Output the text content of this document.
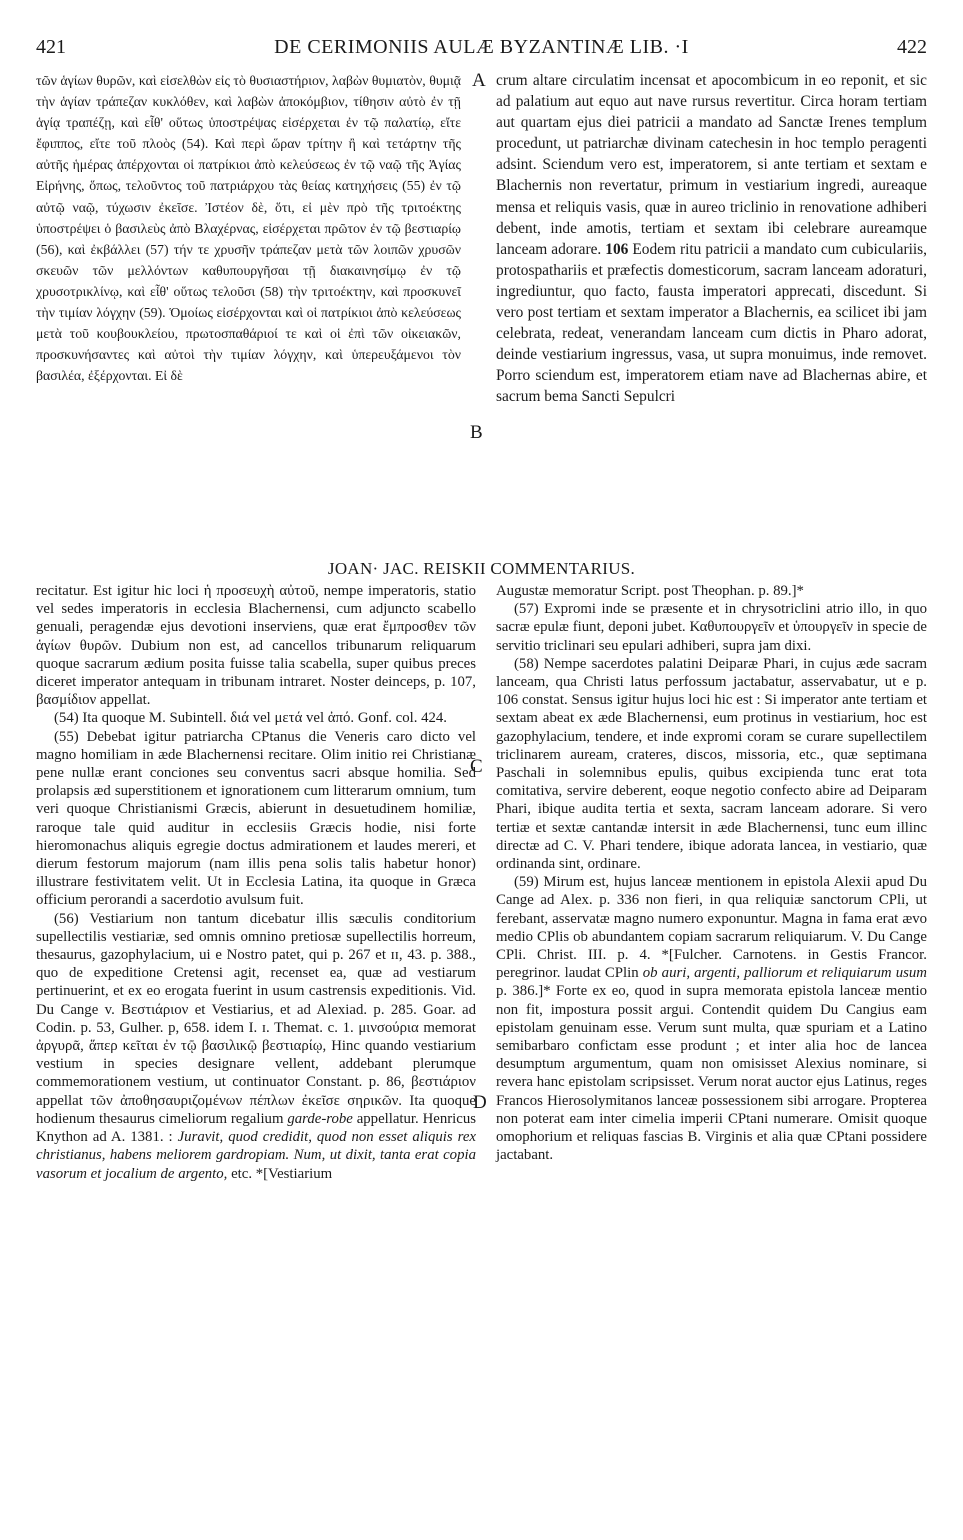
DE CERIMONIIS AULÆ BYZANTINÆ LIB. ·I
421	422

τῶν ἁγίων θυρῶν, καὶ εἰσελθὼν εἰς τὸ θυσιαστήριον, λαβὼν θυμιατὸν, θυμιᾷ τὴν ἁγίαν τράπεζαν κυκλόθεν, καὶ λαβὼν ἀποκόμβιον, τίθησιν αὐτὸ ἐν τῇ ἁγίᾳ τραπέζῃ, καὶ εἶθ' οὕτως ὑποστρέψας εἰσέρχεται ἐν τῷ παλατίῳ, εἴτε ἔφιππος, εἴτε τοῦ πλοὸς (54). Καὶ περὶ ὥραν τρίτην ἢ καὶ τετάρτην τῆς αὐτῆς ἡμέρας ἀπέρχονται οἱ πατρίκιοι ἀπὸ κελεύσεως ἐν τῷ ναῷ τῆς Ἁγίας Εἰρήνης, ὅπως, τελοῦντος τοῦ πατριάρχου τὰς θείας κατηχήσεις (55) ἐν τῷ αὐτῷ ναῷ, τύχωσιν ἐκεῖσε. Ἰστέον δὲ, ὅτι, εἰ μὲν πρὸ τῆς τριτοέκτης ὑποστρέψει ὁ βασιλεὺς ἀπὸ Βλαχέρνας, εἰσέρχεται πρῶτον ἐν τῷ βεστιαρίῳ (56), καὶ ἐκβάλλει (57) τήν τε χρυσῆν τράπεζαν μετὰ τῶν λοιπῶν χρυσῶν σκευῶν τῶν μελλόντων καθυπουργῆσαι τῇ διακαινησίμῳ ἐν τῷ χρυσοτρικλίνῳ, καὶ εἶθ' οὕτως τελοῦσι (58) τὴν τριτοέκτην, καὶ προσκυνεῖ τὴν τιμίαν λόγχην (59). Ὁμοίως εἰσέρχονται καὶ οἱ πατρίκιοι ἀπὸ κελεύσεως μετὰ τοῦ κουβουκλείου, πρωτοσπαθάριοί τε καὶ οἱ ἐπὶ τῶν οἰκειακῶν, προσκυνήσαντες καὶ αὐτοὶ τὴν τιμίαν λόγχην, καὶ ὑπερευξάμενοι τὸν βασιλέα, ἐξέρχονται. Εἰ δὲ

A
B
C
D

crum altare circulatim incensat et apocombicum in eo reponit, et sic ad palatium aut equo aut nave rursus revertitur. Circa horam tertiam aut quartam ejus diei patricii a mandato ad Sanctæ Irenes templum procedunt, ut patriarchæ divinam catechesin in hoc templo peragenti adsint. Sciendum vero est, imperatorem, si ante tertiam et sextam e Blachernis non revertatur, primum in vestiarium ingredi, aureaque mensa et reliquis vasis, quæ in aureo triclinio in renovatione adhiberi debent, inde amotis, tertiam et sextam ibi celebrare aureamque lanceam adorare. 106 Eodem ritu patricii a mandato cum cubiculariis, protospathariis et præfectis domesticorum, sacram lanceam adoraturi, ingrediuntur, quo facto, fausta imperatori apprecati, discedunt. Si vero post tertiam et sextam imperator a Blachernis, ea scilicet ibi jam celebrata, redeat, venerandam lanceam cum dictis in Pharo adorat, deinde vestiarium ingressus, vasa, ut supra monuimus, inde removet. Porro sciendum est, imperatorem etiam nave ad Blachernas abire, et sacrum bema Sancti Sepulcri

JOAN· JAC. REISKII COMMENTARIUS.

recitatur. Est igitur hic loci ἡ προσευχὴ αὐτοῦ, nempe imperatoris, statio vel sedes imperatoris in ecclesia Blachernensi, cum adjuncto scabello genuali, peragendæ ejus devotioni inserviens, quæ erat ἔμπροσθεν τῶν ἁγίων θυρῶν. Dubium non est, ad cancellos tribunarum reliquarum quoque sacrarum ædium posita fuisse talia scabella, super quibus preces diceret imperator antequam in tribunam intraret. Noster deinceps, p. 107, βασμίδιον appellat.

(54) Ita quoque M. Subintell. διά vel μετά vel ἀπό. Gonf. col. 424.

(55) Debebat igitur patriarcha CPtanus die Veneris caro dicto vel magno homiliam in æde Blachernensi recitare. Olim initio rei Christianæ pene nullæ erant conciones seu conventus sacri absque homilia. Sed prolapsis æd superstitionem et ignorationem cum litterarum omnium, tum veri quoque Christianismi Græcis, abierunt in desuetudinem homiliæ, raroque tale quid auditur in ecclesiis Græcis hodie, nisi forte hieromonachus aliquis egregie doctus admirationem et laudes mereri, et dierum festorum majorum (nam illis pena solis talis habetur honor) illustrare festivitatem velit. Ut in Ecclesia Latina, ita quoque in Græca officium perorandi a sacerdotio avulsum fuit.

(56) Vestiarium non tantum dicebatur illis sæculis conditorium supellectilis vestiariæ, sed omnis omnino pretiosæ supellectilis horreum, thesaurus, gazophylacium, ui e Nostro patet, qui p. 267 et ɪɪ, 43. p. 388., quo de expeditione Cretensi agit, recenset ea, quæ ad vestiarum pertinuerint, et ex eo erogata fuerint in usum castrensis expeditionis. Vid. Du Cange v. Βεστιάριον et Vestiarius, et ad Alexiad. p. 285. Goar. ad Codin. p. 53, Gulher. p, 658. idem I. ɪ. Themat. c. 1. μινσούρια memorat ἀργυρᾶ, ἅπερ κεῖται ἐν τῷ βασιλικῷ βεστιαρίῳ, Hinc quando vestiarium vestium in species designare vellent, addebant plerumque commemorationem vestium, ut continuator Constant. p. 86, βεστιάριον appellat τῶν ἀποθησαυριζομένων πέπλων ἐκεῖσε σηρικῶν. Ita quoque hodienum thesaurus cimeliorum regalium garde-robe appellatur. Henricus Knython ad A. 1381. : Juravit, quod credidit, quod non esset aliquis rex christianus, habens meliorem gardropiam. Num, ut dixit, tanta erat copia vasorum et jocalium de argento, etc. *[Vestiarium

Augustæ memoratur Script. post Theophan. p. 89.]*

(57) Expromi inde se præsente et in chrysotriclini atrio illo, in quo sacræ epulæ fiunt, deponi jubet. Καθυπουργεῖν et ὑπουργεῖν in specie de servitio triclinari seu epulari adhiberi, supra jam dixi.

(58) Nempe sacerdotes palatini Deiparæ Phari, in cujus æde sacram lanceam, qua Christi latus perfossum jactabatur, asservabatur, ut e p. 106 constat. Sensus igitur hujus loci hic est : Si imperator ante tertiam et sextam abeat ex æde Blachernensi, eum protinus in vestiarium, hoc est gazophylacium, tendere, et inde expromi coram se curare supellectilem triclinarem auream, crateres, discos, missoria, etc., quæ septimana Paschali in solemnibus epulis, quibus excipienda tunc erat tota comitativa, servire deberent, eoque negotio confecto abire ad Deiparam Phari, ibique audita tertia et sexta, sacram lanceam adorare. Si vero tertiæ et sextæ cantandæ intersit in æde Blachernensi, tunc eum illinc directæ ad C. V. Phari tendere, ibique adorata lancea, in vestiario, quæ ordinanda sint, ordinare.

(59) Mirum est, hujus lanceæ mentionem in epistola Alexii apud Du Cange ad Alex. p. 336 non fieri, in qua reliquiæ sanctorum CPli, ut ferebant, asservatæ magno numero exponuntur. Magna in fama erat ævo medio CPlis ob abundantem copiam sacrarum reliquiarum. V. Du Cange CPli. Christ. III. p. 4. *[Fulcher. Carnotens. in Gestis Francor. peregrinor. laudat CPlin ob auri, argenti, palliorum et reliquiarum usum p. 386.]* Forte ex eo, quod in supra memorata epistola lanceæ mentio non fit, impostura possit argui. Contendit quidem Du Cangius eam epistolam genuinam esse. Verum sunt multa, quæ spuriam et a Latino semibarbaro confictam esse produnt ; et inter alia hoc de lancea desumptum argumentum, quam non omisisset Alexius nominare, si revera hanc epistolam scripsisset. Verum norat auctor ejus Latinus, reges Francos Hierosolymitanos lanceæ possessionem sibi arrogare. Propterea non poterat eam inter cimelia imperii CPtani numerare. Omisit quoque omophorium et reliquas fascias B. Virginis et alia quæ CPtani possidere jactabant.
